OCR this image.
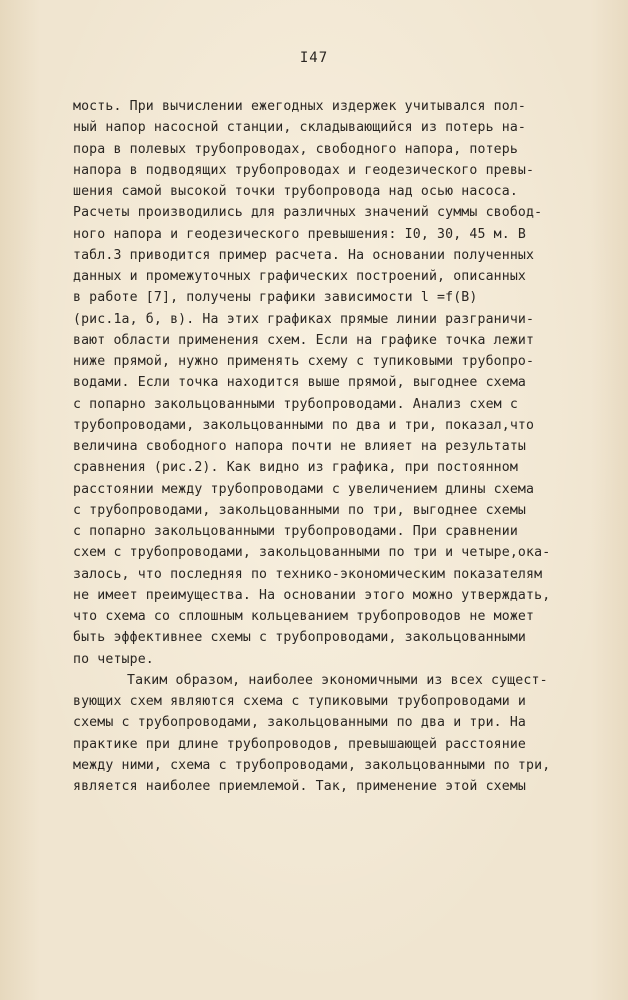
I47
мость. При вычислении ежегодных издержек учитывался пол-
ный напор насосной станции, складывающийся из потерь на-
пора в полевых трубопроводах, свободного напора, потерь
напора в подводящих трубопроводах и геодезического превы-
шения самой высокой точки трубопровода над осью насоса.
Расчеты производились для различных значений суммы свобод-
ного напора и геодезического превышения: I0, 30, 45 м. В
табл.3 приводится пример расчета. На основании полученных
данных и промежуточных графических построений, описанных
в работе [7], получены графики зависимости l =f(B)
(рис.1а, б, в). На этих графиках прямые линии разграничи-
вают области применения схем. Если на графике точка лежит
ниже прямой, нужно применять схему с тупиковыми трубопро-
водами. Если точка находится выше прямой, выгоднее схема
с попарно закольцованными трубопроводами. Анализ схем с
трубопроводами, закольцованными по два и три, показал,что
величина свободного напора почти не влияет на результаты
сравнения (рис.2). Как видно из графика, при постоянном
расстоянии между трубопроводами с увеличением длины схема
с трубопроводами, закольцованными по три, выгоднее схемы
с попарно закольцованными трубопроводами. При сравнении
схем с трубопроводами, закольцованными по три и четыре,ока-
залось, что последняя по технико-экономическим показателям
не имеет преимущества. На основании этого можно утверждать,
что схема со сплошным кольцеванием трубопроводов не может
быть эффективнее схемы с трубопроводами, закольцованными
по четыре.
Таким образом, наиболее экономичными из всех сущест-
вующих схем являются схема с тупиковыми трубопроводами и
схемы с трубопроводами, закольцованными по два и три. На
практике при длине трубопроводов, превышающей расстояние
между ними, схема с трубопроводами, закольцованными по три,
является наиболее приемлемой. Так, применение этой схемы
